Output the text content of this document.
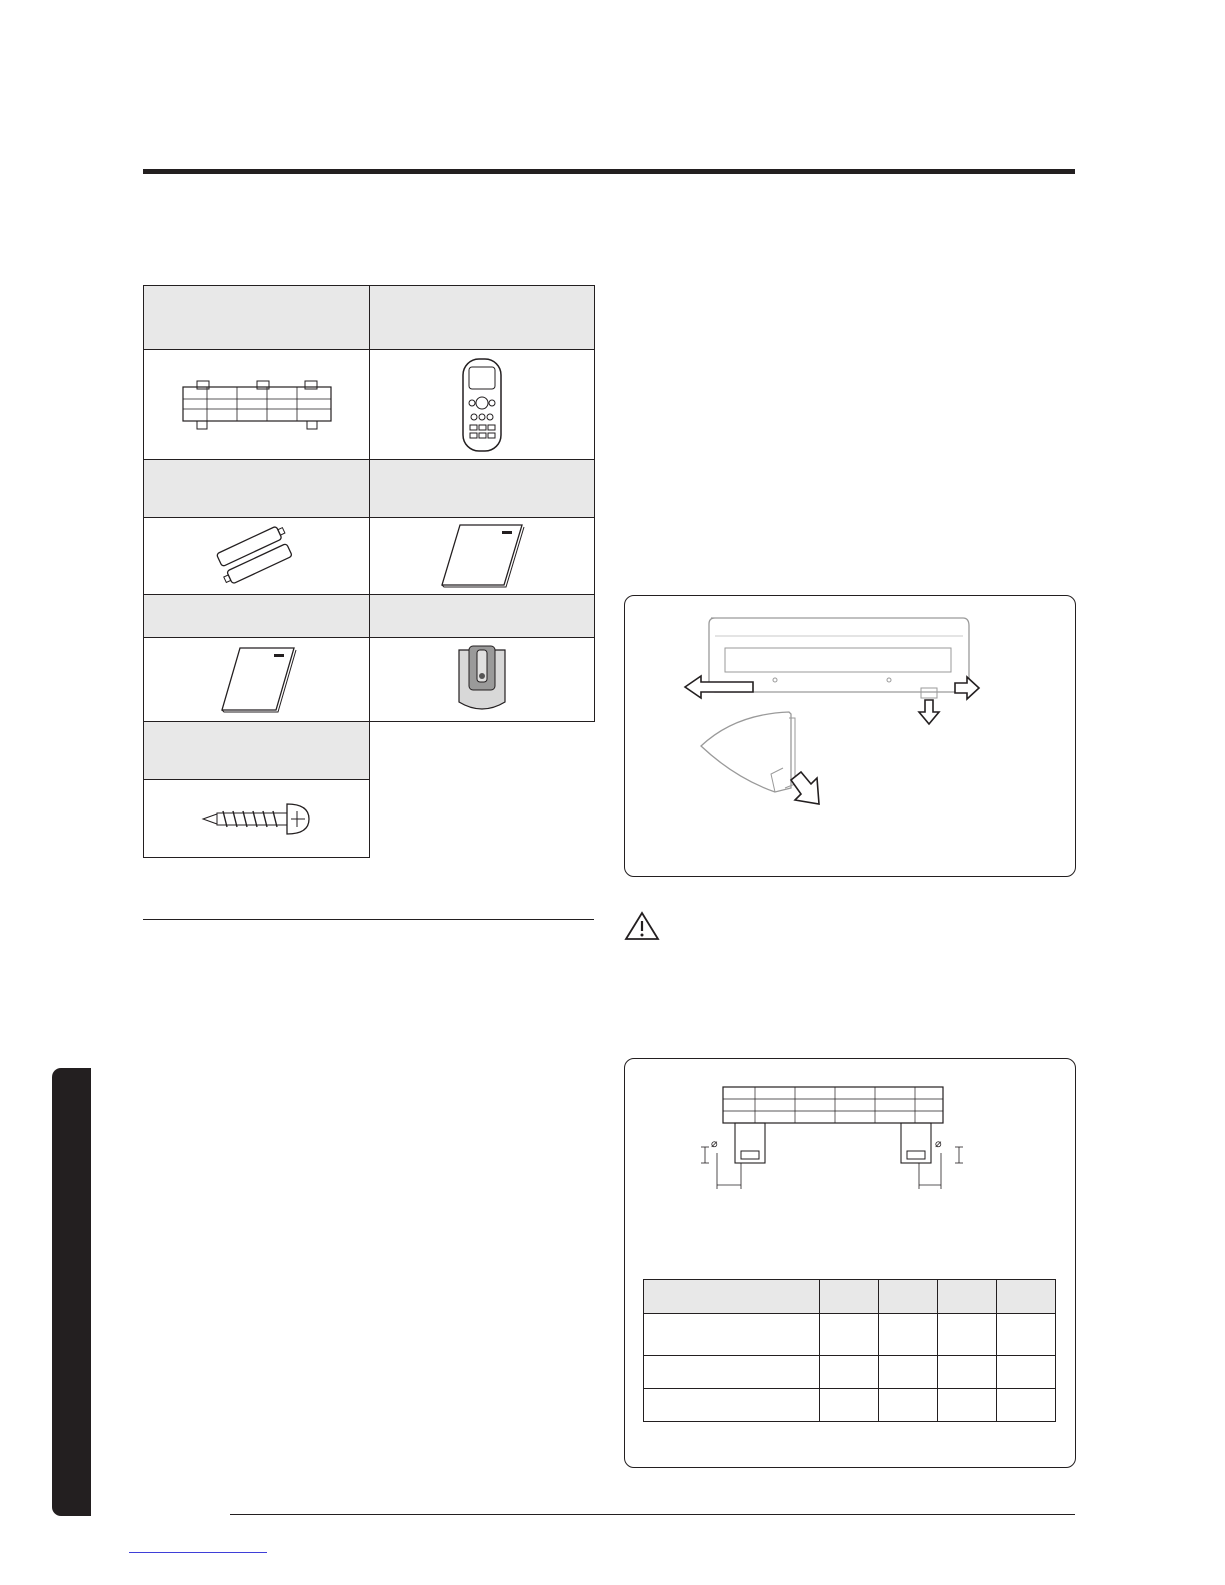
⌀	⌀
